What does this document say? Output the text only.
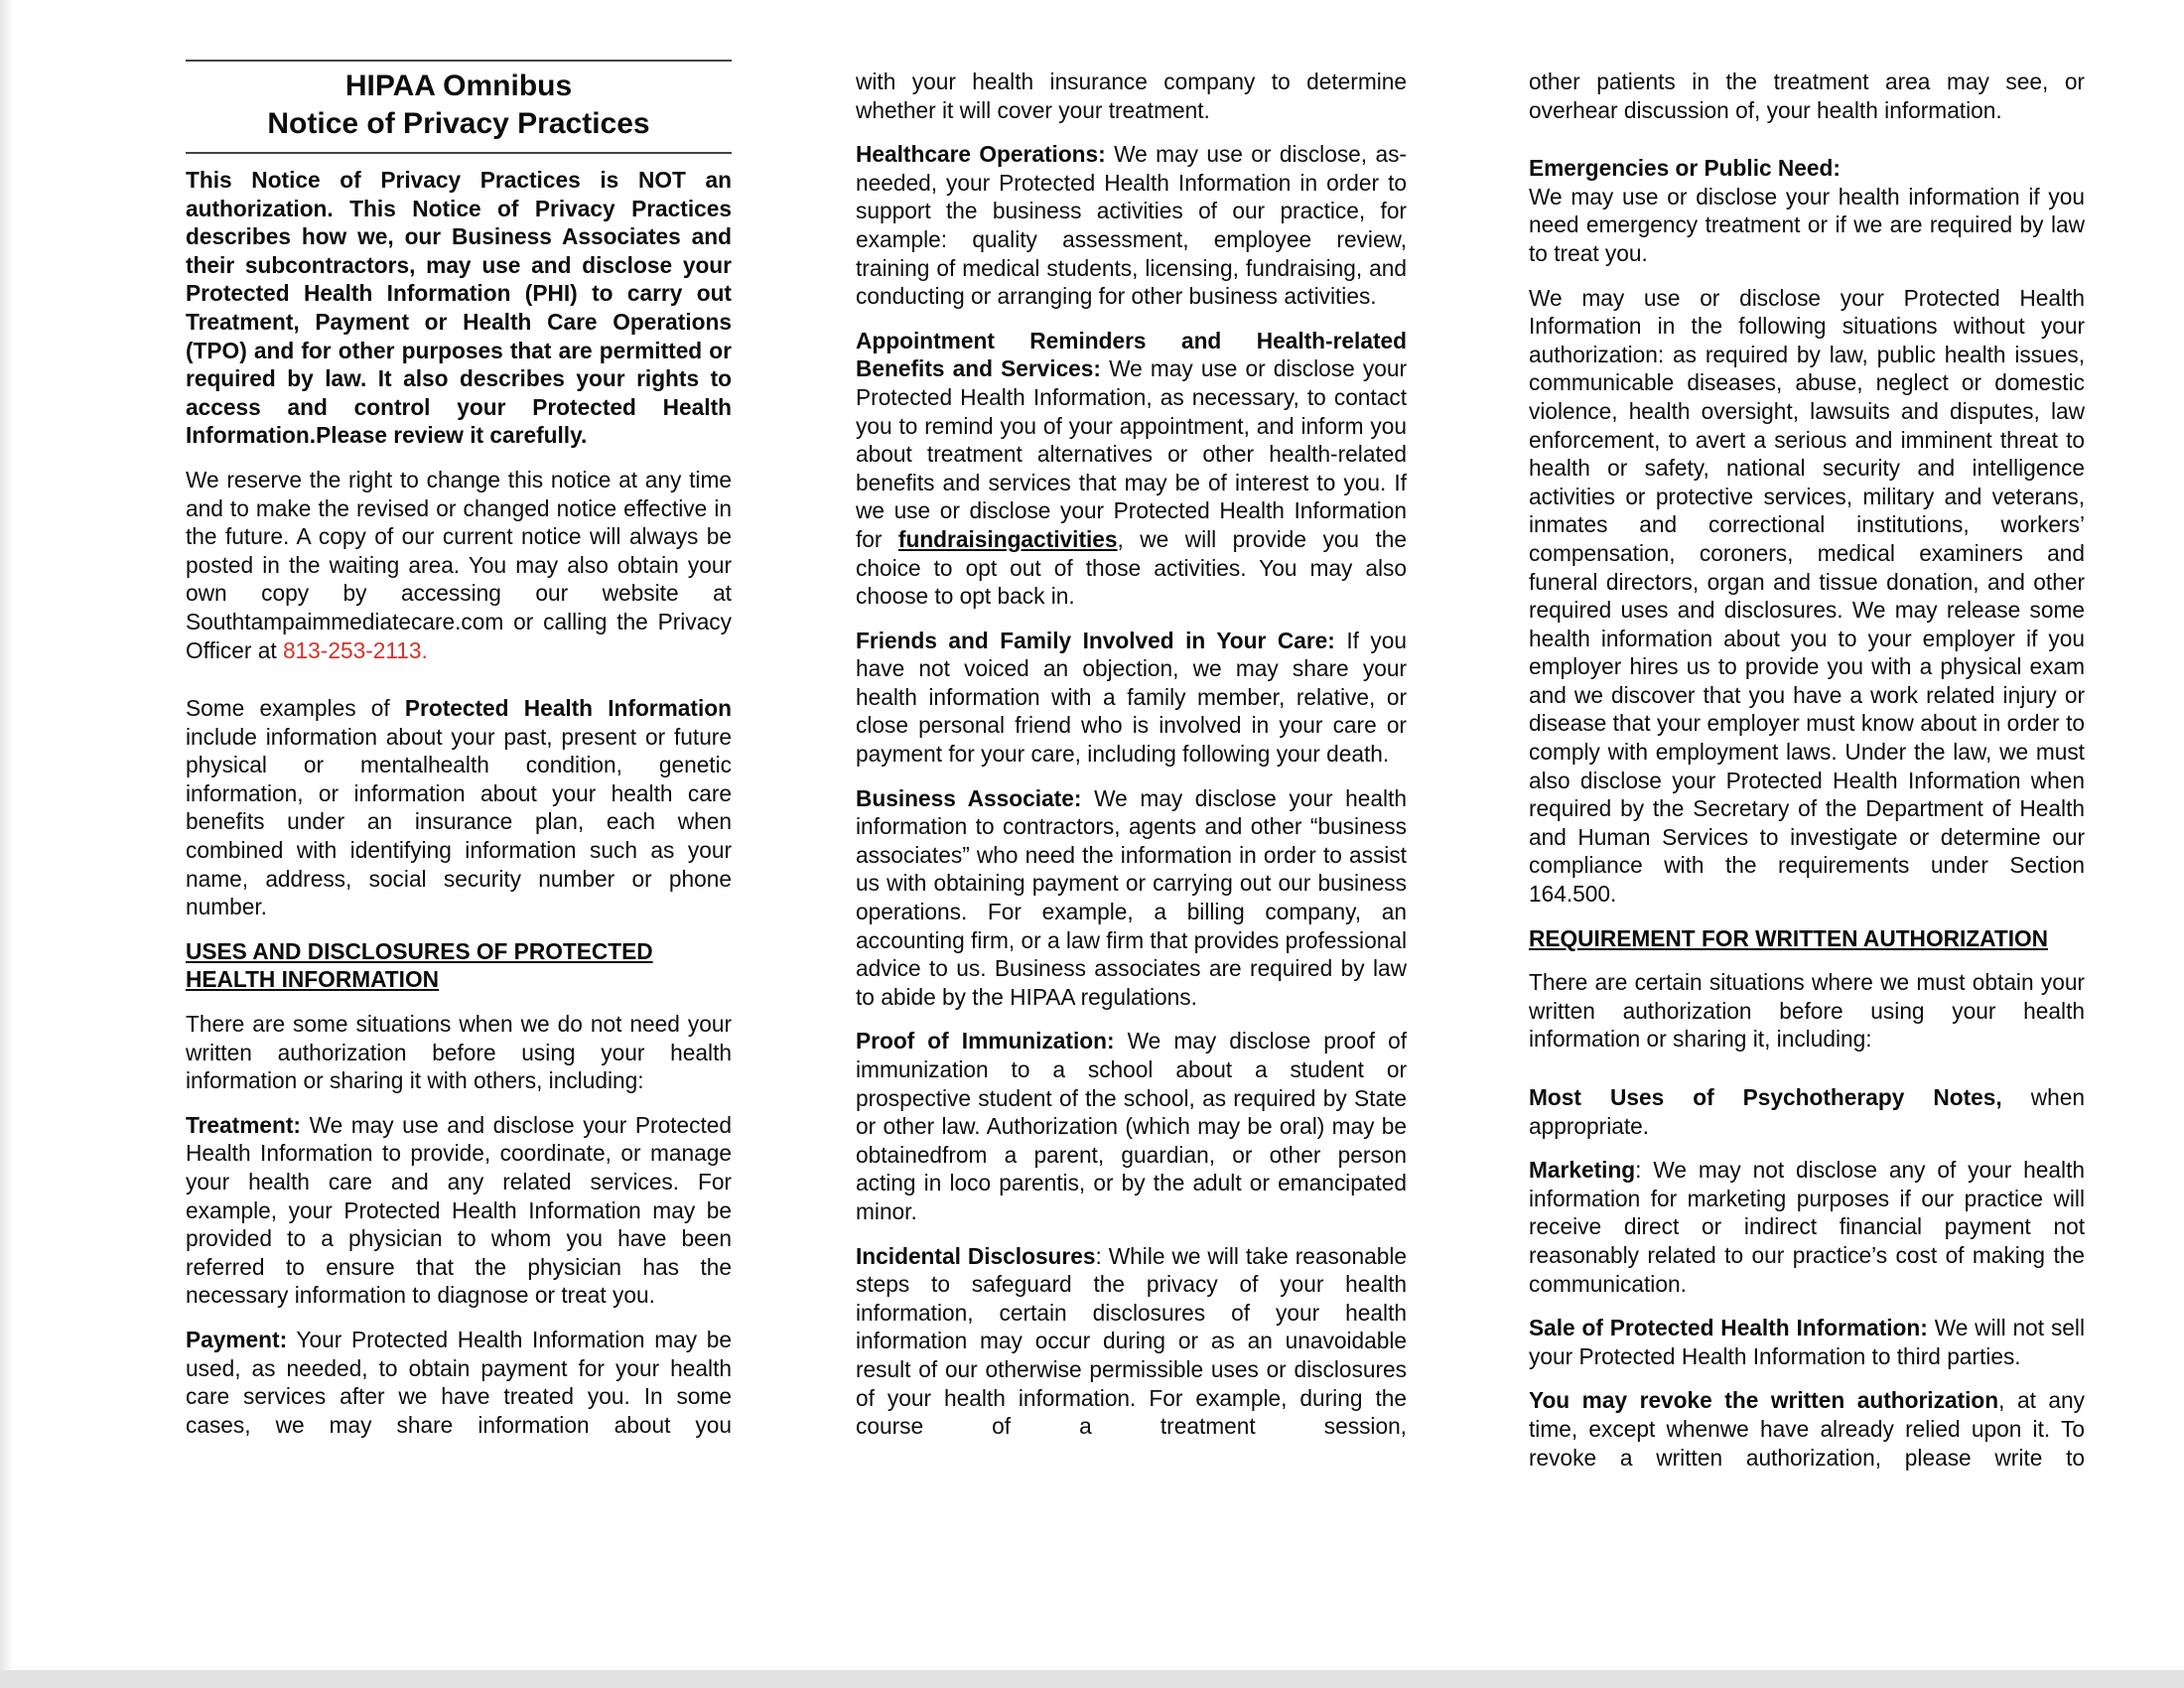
HIPAA Omnibus
Notice of Privacy Practices

This Notice of Privacy Practices is NOT an authorization. This Notice of Privacy Practices describes how we, our Business Associates and their subcontractors, may use and disclose your Protected Health Information (PHI) to carry out Treatment, Payment or Health Care Operations (TPO) and for other purposes that are permitted or required by law. It also describes your rights to access and control your Protected Health Information.Please review it carefully.

We reserve the right to change this notice at any time and to make the revised or changed notice effective in the future. A copy of our current notice will always be posted in the waiting area. You may also obtain your own copy by accessing our website at Southtampaimmediatecare.com or calling the Privacy Officer at 813-253-2113.

Some examples of Protected Health Information include information about your past, present or future physical or mentalhealth condition, genetic information, or information about your health care benefits under an insurance plan, each when combined with identifying information such as your name, address, social security number or phone number.

USES AND DISCLOSURES OF PROTECTED
HEALTH INFORMATION

There are some situations when we do not need your written authorization before using your health information or sharing it with others, including:

Treatment: We may use and disclose your Protected Health Information to provide, coordinate, or manage your health care and any related services. For example, your Protected Health Information may be provided to a physician to whom you have been referred to ensure that the physician has the necessary information to diagnose or treat you.

Payment: Your Protected Health Information may be used, as needed, to obtain payment for your health care services after we have treated you. In some cases, we may share information about you

with your health insurance company to determine whether it will cover your treatment.

Healthcare Operations: We may use or disclose, as-needed, your Protected Health Information in order to support the business activities of our practice, for example: quality assessment, employee review, training of medical students, licensing, fundraising, and conducting or arranging for other business activities.

Appointment Reminders and Health-related Benefits and Services: We may use or disclose your Protected Health Information, as necessary, to contact you to remind you of your appointment, and inform you about treatment alternatives or other health-related benefits and services that may be of interest to you. If we use or disclose your Protected Health Information for fundraisingactivities, we will provide you the choice to opt out of those activities. You may also choose to opt back in.

Friends and Family Involved in Your Care: If you have not voiced an objection, we may share your health information with a family member, relative, or close personal friend who is involved in your care or payment for your care, including following your death.

Business Associate: We may disclose your health information to contractors, agents and other “business associates” who need the information in order to assist us with obtaining payment or carrying out our business operations. For example, a billing company, an accounting firm, or a law firm that provides professional advice to us. Business associates are required by law to abide by the HIPAA regulations.

Proof of Immunization: We may disclose proof of immunization to a school about a student or prospective student of the school, as required by State or other law. Authorization (which may be oral) may be obtainedfrom a parent, guardian, or other person acting in loco parentis, or by the adult or emancipated minor.

Incidental Disclosures: While we will take reasonable steps to safeguard the privacy of your health information, certain disclosures of your health information may occur during or as an unavoidable result of our otherwise permissible uses or disclosures of your health information. For example, during the course of a treatment session,

other patients in the treatment area may see, or overhear discussion of, your health information.

Emergencies or Public Need:
We may use or disclose your health information if you need emergency treatment or if we are required by law to treat you.

We may use or disclose your Protected Health Information in the following situations without your authorization: as required by law, public health issues, communicable diseases, abuse, neglect or domestic violence, health oversight, lawsuits and disputes, law enforcement, to avert a serious and imminent threat to health or safety, national security and intelligence activities or protective services, military and veterans, inmates and correctional institutions, workers’ compensation, coroners, medical examiners and funeral directors, organ and tissue donation, and other required uses and disclosures. We may release some health information about you to your employer if you employer hires us to provide you with a physical exam and we discover that you have a work related injury or disease that your employer must know about in order to comply with employment laws. Under the law, we must also disclose your Protected Health Information when required by the Secretary of the Department of Health and Human Services to investigate or determine our compliance with the requirements under Section 164.500.

REQUIREMENT FOR WRITTEN AUTHORIZATION

There are certain situations where we must obtain your written authorization before using your health information or sharing it, including:

Most Uses of Psychotherapy Notes, when appropriate.

Marketing: We may not disclose any of your health information for marketing purposes if our practice will receive direct or indirect financial payment not reasonably related to our practice’s cost of making the communication.

Sale of Protected Health Information: We will not sell your Protected Health Information to third parties.

You may revoke the written authorization, at any time, except whenwe have already relied upon it. To revoke a written authorization, please write to
